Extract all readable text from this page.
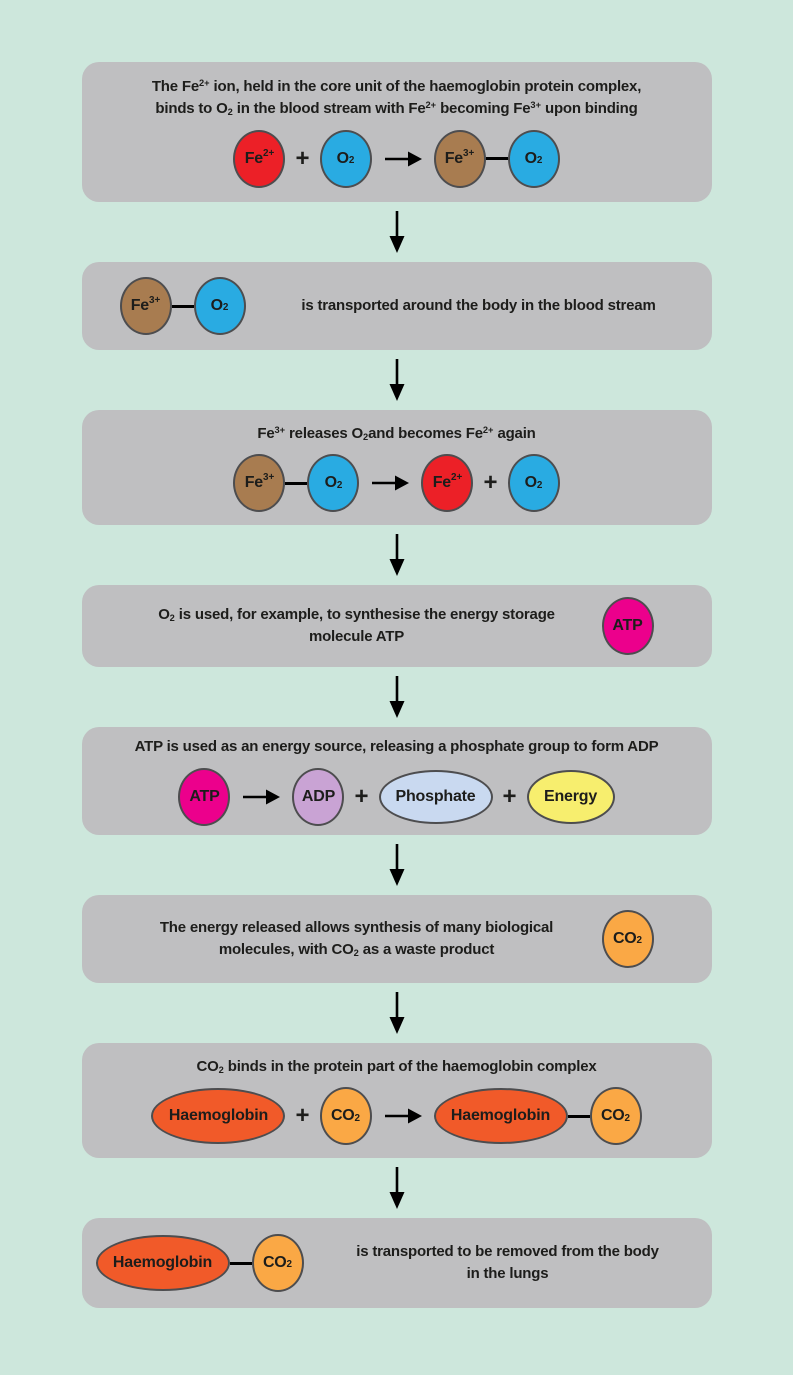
The $Fe^{2+}$ ion, held in the core unit of the haemoglobin protein complex,

binds to $O_2$ in the blood stream with $Fe^{2+}$ becoming $Fe^{3+}$ upon binding

$Fe^{2+}$ +	$O_2$	$Fe^{3+}$	$O_2$
$Fe^{3+}$	$O_2$	is transported around the body in the blood stream

$Fe^{3+}$ releases $O_2and$ becomes $Fe^{2+}$ again

$Fe^{3+}$	$O_2$	$Fe^{2+}$ +	$O_2$

$O_2$ is used, for example, to synthesise the energy storage

molecule ATP

ATP

ATP is used as an energy source, releasing a phosphate group to form ADP

ATP	ADP +	Phosphate	+	Energy

The energy released allows synthesis of many biological

molecules, with $CO_2$ as a waste product

$CO_2$

$CO_2$ binds in the protein part of the haemoglobin complex

Haemoglobin	+	$CO_2$	Haemoglobin	$CO_2$
Haemoglobin	$CO_2$

is transported to be removed from the body

in the lungs
